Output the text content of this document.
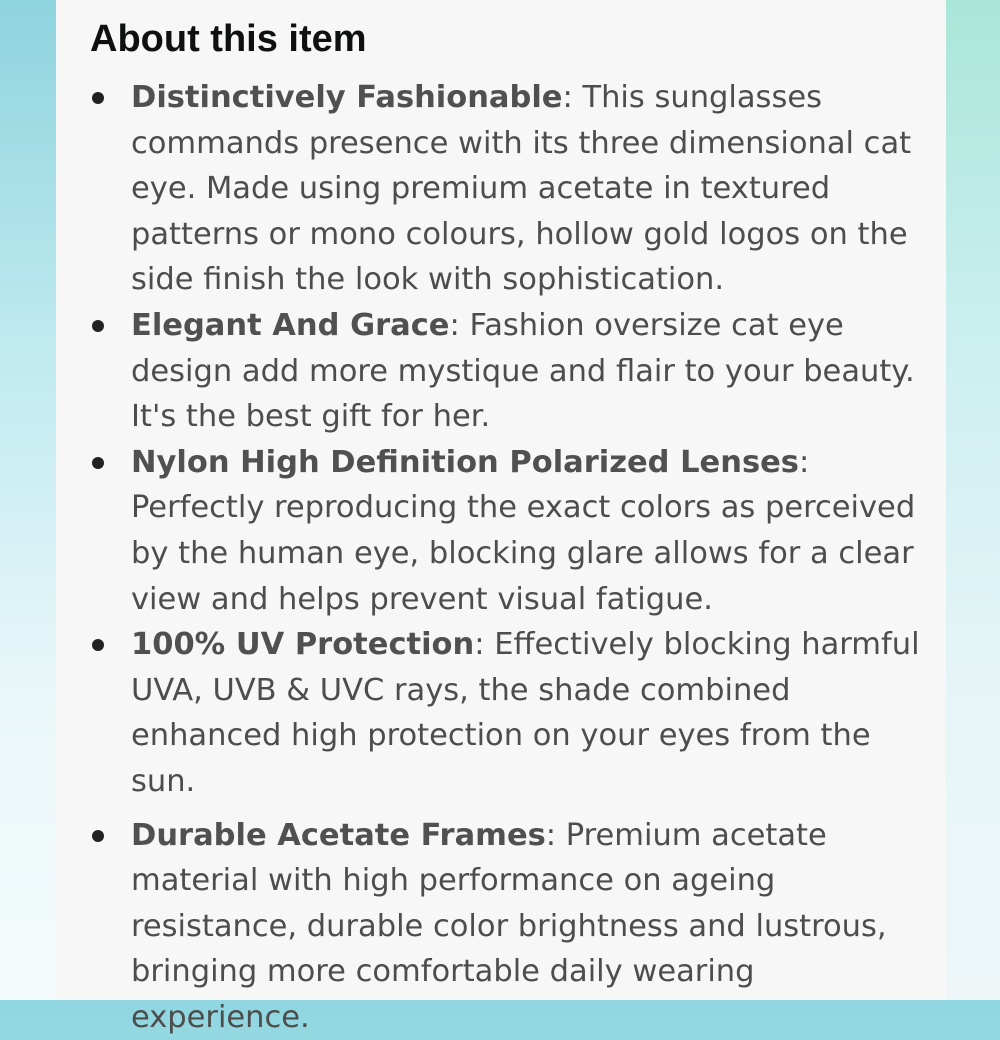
About this item
Distinctively Fashionable: This sunglasses commands presence with its three dimensional cat eye. Made using premium acetate in textured patterns or mono colours, hollow gold logos on the side finish the look with sophistication.
Elegant And Grace: Fashion oversize cat eye design add more mystique and flair to your beauty. It's the best gift for her.
Nylon High Definition Polarized Lenses: Perfectly reproducing the exact colors as perceived by the human eye, blocking glare allows for a clear view and helps prevent visual fatigue.
100% UV Protection: Effectively blocking harmful UVA, UVB & UVC rays, the shade combined enhanced high protection on your eyes from the sun.
Durable Acetate Frames: Premium acetate material with high performance on ageing resistance, durable color brightness and lustrous, bringing more comfortable daily wearing experience.
